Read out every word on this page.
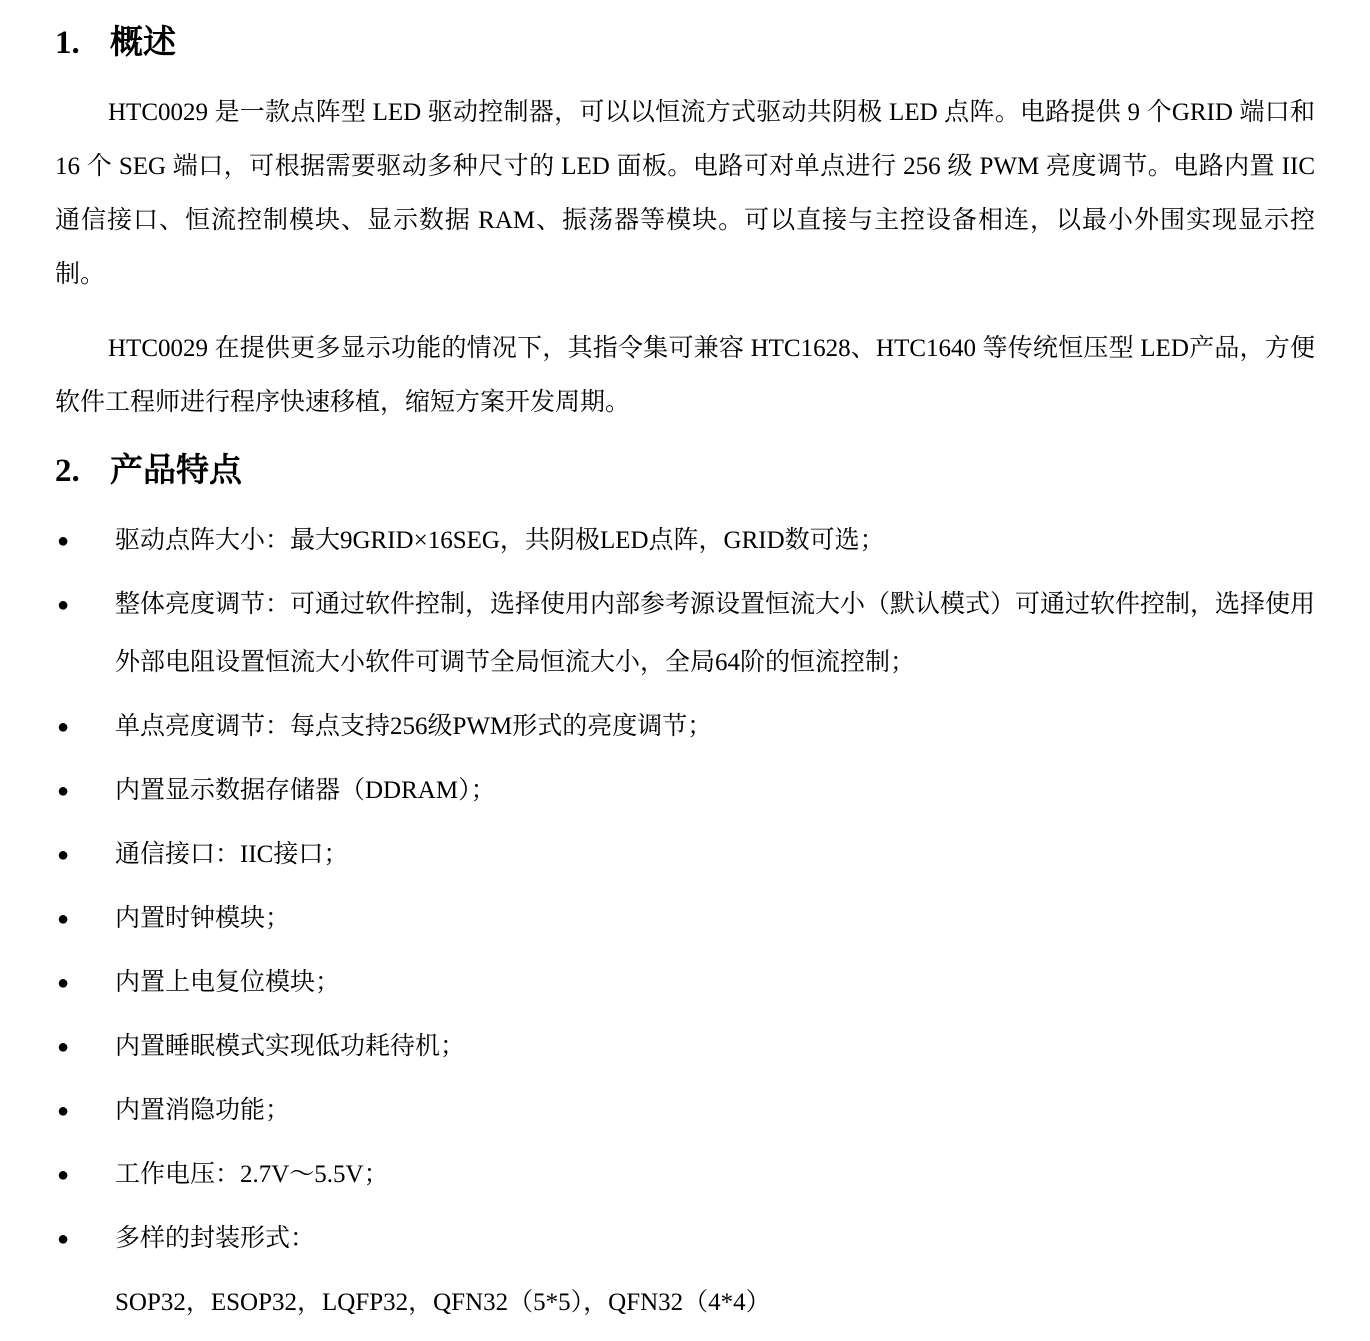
1. 概述

HTC0029 是一款点阵型 LED 驱动控制器，可以以恒流方式驱动共阴极 LED 点阵。电路提供 9 个GRID 端口和 16 个 SEG 端口，可根据需要驱动多种尺寸的 LED 面板。电路可对单点进行 256 级 PWM 亮度调节。电路内置 IIC 通信接口、恒流控制模块、显示数据 RAM、振荡器等模块。可以直接与主控设备相连，以最小外围实现显示控制。

HTC0029 在提供更多显示功能的情况下，其指令集可兼容 HTC1628、HTC1640 等传统恒压型 LED产品，方便软件工程师进行程序快速移植，缩短方案开发周期。

2. 产品特点
● 驱动点阵大小：最大9GRID×16SEG，共阴极LED点阵，GRID数可选；
● 整体亮度调节：可通过软件控制，选择使用内部参考源设置恒流大小（默认模式）可通过软件控制，选择使用外部电阻设置恒流大小软件可调节全局恒流大小，全局64阶的恒流控制；
● 单点亮度调节：每点支持256级PWM形式的亮度调节；
● 内置显示数据存储器（DDRAM）；
● 通信接口：IIC接口；
● 内置时钟模块；
● 内置上电复位模块；
● 内置睡眠模式实现低功耗待机；
● 内置消隐功能；
● 工作电压：2.7V～5.5V；
● 多样的封装形式：

SOP32，ESOP32，LQFP32，QFN32（5*5），QFN32（4*4）
